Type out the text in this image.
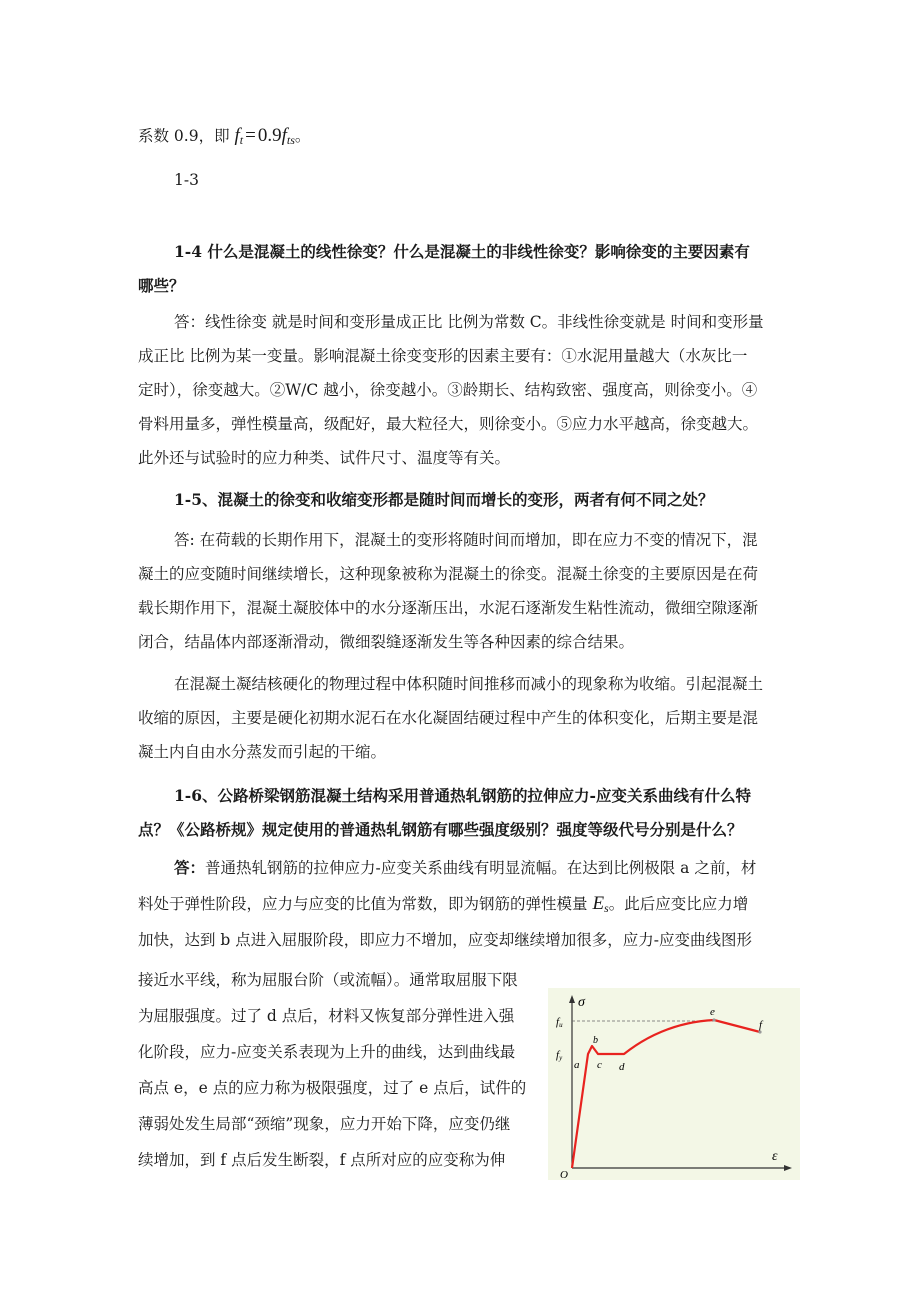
系数 0.9，即 $f_t = 0.9f_{ts}$。
1-3
1-4 什么是混凝土的线性徐变？什么是混凝土的非线性徐变？影响徐变的主要因素有
哪些？
答：线性徐变 就是时间和变形量成正比 比例为常数 C。非线性徐变就是 时间和变形量
成正比 比例为某一变量。影响混凝土徐变变形的因素主要有：①水泥用量越大（水灰比一
定时），徐变越大。②W/C 越小，徐变越小。③龄期长、结构致密、强度高，则徐变小。④
骨料用量多，弹性模量高，级配好，最大粒径大，则徐变小。⑤应力水平越高，徐变越大。
此外还与试验时的应力种类、试件尺寸、温度等有关。
1-5、混凝土的徐变和收缩变形都是随时间而增长的变形，两者有何不同之处？
答: 在荷载的长期作用下，混凝土的变形将随时间而增加，即在应力不变的情况下，混
凝土的应变随时间继续增长，这种现象被称为混凝土的徐变。混凝土徐变的主要原因是在荷
载长期作用下，混凝土凝胶体中的水分逐渐压出，水泥石逐渐发生粘性流动，微细空隙逐渐
闭合，结晶体内部逐渐滑动，微细裂缝逐渐发生等各种因素的综合结果。
在混凝土凝结核硬化的物理过程中体积随时间推移而减小的现象称为收缩。引起混凝土
收缩的原因，主要是硬化初期水泥石在水化凝固结硬过程中产生的体积变化，后期主要是混
凝土内自由水分蒸发而引起的干缩。
1-6、公路桥梁钢筋混凝土结构采用普通热轧钢筋的拉伸应力-应变关系曲线有什么特
点？《公路桥规》规定使用的普通热轧钢筋有哪些强度级别？强度等级代号分别是什么？
答：普通热轧钢筋的拉伸应力-应变关系曲线有明显流幅。在达到比例极限 a 之前，材
料处于弹性阶段，应力与应变的比值为常数，即为钢筋的弹性模量 $E_s$。此后应变比应力增
加快，达到 b 点进入屈服阶段，即应力不增加，应变却继续增加很多，应力-应变曲线图形
接近水平线，称为屈服台阶（或流幅）。通常取屈服下限
为屈服强度。过了 d 点后，材料又恢复部分弹性进入强
化阶段，应力-应变关系表现为上升的曲线，达到曲线最
高点 e，e 点的应力称为极限强度，过了 e 点后，试件的
薄弱处发生局部“颈缩”现象，应力开始下降，应变仍继
续增加，到 f 点后发生断裂，f 点所对应的应变称为伸
σ
ε
O
fu
fy
a
b
c d
e
f
